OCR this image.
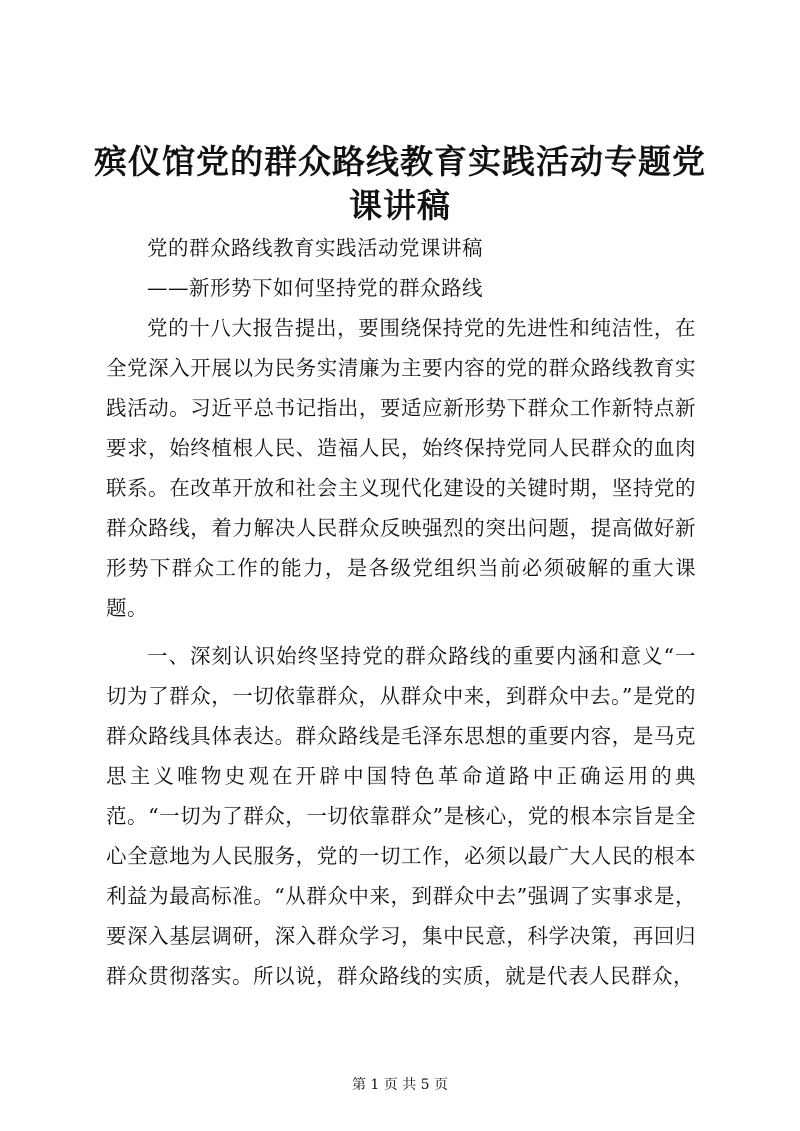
殡仪馆党的群众路线教育实践活动专题党课讲稿

党的群众路线教育实践活动党课讲稿

——新形势下如何坚持党的群众路线

党的十八大报告提出，要围绕保持党的先进性和纯洁性，在全党深入开展以为民务实清廉为主要内容的党的群众路线教育实践活动。习近平总书记指出，要适应新形势下群众工作新特点新要求，始终植根人民、造福人民，始终保持党同人民群众的血肉联系。在改革开放和社会主义现代化建设的关键时期，坚持党的群众路线，着力解决人民群众反映强烈的突出问题，提高做好新形势下群众工作的能力，是各级党组织当前必须破解的重大课题。

一、深刻认识始终坚持党的群众路线的重要内涵和意义“一切为了群众，一切依靠群众，从群众中来，到群众中去。”是党的群众路线具体表达。群众路线是毛泽东思想的重要内容，是马克思主义唯物史观在开辟中国特色革命道路中正确运用的典范。“一切为了群众，一切依靠群众”是核心，党的根本宗旨是全心全意地为人民服务，党的一切工作，必须以最广大人民的根本利益为最高标准。“从群众中来，到群众中去”强调了实事求是，要深入基层调研，深入群众学习，集中民意，科学决策，再回归群众贯彻落实。所以说，群众路线的实质，就是代表人民群众，

第 1 页 共 5 页
